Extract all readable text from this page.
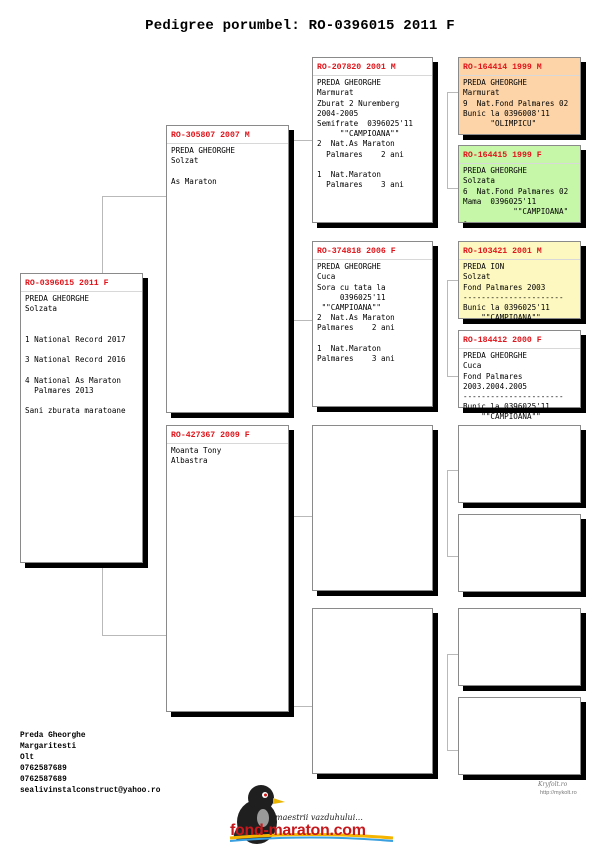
Pedigree porumbel: RO-0396015 2011 F
RO-0396015 2011 F
PREDA GHEORGHE
Solzata

1 National Record 2017

3 National Record 2016

4 National As Maraton
Palmares 2013

Sani zburata maratoane
RO-305807 2007 M
PREDA GHEORGHE
Solzat

As Maraton
RO-427367 2009 F
Moanta Tony
Albastra
RO-207820 2001 M
PREDA GHEORGHE
Marmurat
Zburat 2 Nuremberg
2004-2005
Semifrate  0396025'11
""CAMPIOANA""
2  Nat.As Maraton
Palmares    2 ani

1  Nat.Maraton
Palmares    3 ani
RO-374818 2006 F
PREDA GHEORGHE
Cuca
Sora cu tata la
0396025'11
""CAMPIOANA""
2  Nat.As Maraton
Palmares    2 ani

1  Nat.Maraton
Palmares    3 ani
RO-164414 1999 M
PREDA GHEORGHE
Marmurat
9  Nat.Fond Palmares 02
Bunic la 0396008'11
"OLIMPICU"
RO-164415 1999 F
PREDA GHEORGHE
Solzata
6  Nat.Fond Palmares 02
Mama  0396025'11
""CAMPIOANA"
-
RO-103421 2001 M
PREDA ION
Solzat
Fond Palmares 2003
----------------------
Bunic la 0396025'11
""CAMPIOANA""
RO-184412 2000 F
PREDA GHEORGHE
Cuca
Fond Palmares
2003.2004.2005
----------------------
Bunic la 0396025'11
""CAMPIOANA""
Preda Gheorghe
Margaritesti
Olt
0762587689
0762587689
sealivinstalconstruct@yahoo.ro
Kryfolt.ro
http://mykolt.ro
maestrii vazduhului...
fond-maraton.com
